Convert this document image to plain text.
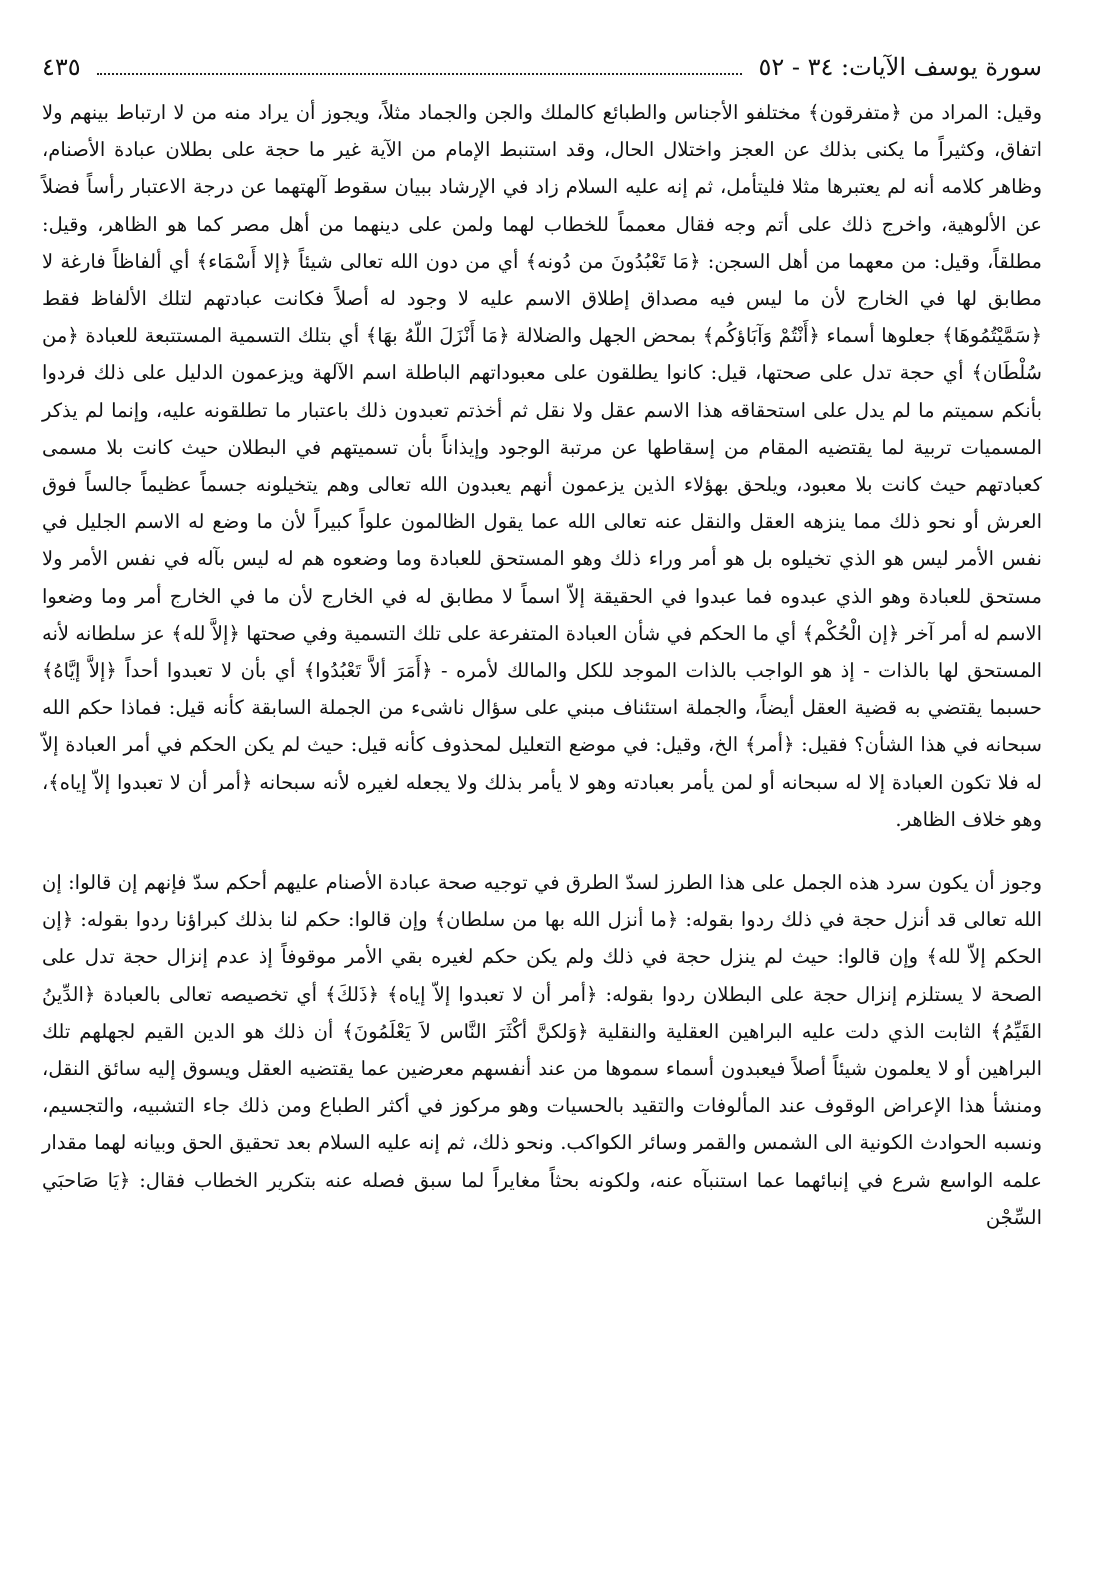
سورة يوسف الآيات: ٣٤ - ٥٢
٤٣٥

وقيل: المراد من ﴿متفرقون﴾ مختلفو الأجناس والطبائع كالملك والجن والجماد مثلاً، ويجوز أن يراد منه من لا ارتباط بينهم ولا اتفاق، وكثيراً ما يكنى بذلك عن العجز واختلال الحال، وقد استنبط الإمام من الآية غير ما حجة على بطلان عبادة الأصنام، وظاهر كلامه أنه لم يعتبرها مثلا فليتأمل، ثم إنه عليه السلام زاد في الإرشاد ببيان سقوط آلهتهما عن درجة الاعتبار رأساً فضلاً عن الألوهية، واخرج ذلك على أتم وجه فقال معمماً للخطاب لهما ولمن على دينهما من أهل مصر كما هو الظاهر، وقيل: مطلقاً، وقيل: من معهما من أهل السجن: ﴿مَا تَعْبُدُونَ من دُونه﴾ أي من دون الله تعالى شيئاً ﴿إلا أَسْمَاء﴾ أي ألفاظاً فارغة لا مطابق لها في الخارج لأن ما ليس فيه مصداق إطلاق الاسم عليه لا وجود له أصلاً فكانت عبادتهم لتلك الألفاظ فقط ﴿سَمَّيْتُمُوهَا﴾ جعلوها أسماء ﴿أَنْتُمْ وَآبَاؤكُم﴾ بمحض الجهل والضلالة ﴿مَا أَنْزَلَ اللّهُ بهَا﴾ أي بتلك التسمية المستتبعة للعبادة ﴿من سُلْطَان﴾ أي حجة تدل على صحتها، قيل: كانوا يطلقون على معبوداتهم الباطلة اسم الآلهة ويزعمون الدليل على ذلك فردوا بأنكم سميتم ما لم يدل على استحقاقه هذا الاسم عقل ولا نقل ثم أخذتم تعبدون ذلك باعتبار ما تطلقونه عليه، وإنما لم يذكر المسميات تربية لما يقتضيه المقام من إسقاطها عن مرتبة الوجود وإيذاناً بأن تسميتهم في البطلان حيث كانت بلا مسمى كعبادتهم حيث كانت بلا معبود، ويلحق بهؤلاء الذين يزعمون أنهم يعبدون الله تعالى وهم يتخيلونه جسماً عظيماً جالساً فوق العرش أو نحو ذلك مما ينزهه العقل والنقل عنه تعالى الله عما يقول الظالمون علواً كبيراً لأن ما وضع له الاسم الجليل في نفس الأمر ليس هو الذي تخيلوه بل هو أمر وراء ذلك وهو المستحق للعبادة وما وضعوه هم له ليس بآله في نفس الأمر ولا مستحق للعبادة وهو الذي عبدوه فما عبدوا في الحقيقة إلاّ اسماً لا مطابق له في الخارج لأن ما في الخارج أمر وما وضعوا الاسم له أمر آخر ﴿إن الْحُكْم﴾ أي ما الحكم في شأن العبادة المتفرعة على تلك التسمية وفي صحتها ﴿إلاَّ لله﴾ عز سلطانه لأنه المستحق لها بالذات - إذ هو الواجب بالذات الموجد للكل والمالك لأمره - ﴿أَمَرَ ألاَّ تَعْبُدُوا﴾ أي بأن لا تعبدوا أحداً ﴿إلاَّ إيَّاهُ﴾ حسبما يقتضي به قضية العقل أيضاً، والجملة استئناف مبني على سؤال ناشىء من الجملة السابقة كأنه قيل: فماذا حكم الله سبحانه في هذا الشأن؟ فقيل: ﴿أمر﴾ الخ، وقيل: في موضع التعليل لمحذوف كأنه قيل: حيث لم يكن الحكم في أمر العبادة إلاّ له فلا تكون العبادة إلا له سبحانه أو لمن يأمر بعبادته وهو لا يأمر بذلك ولا يجعله لغيره لأنه سبحانه ﴿أمر أن لا تعبدوا إلاّ إياه﴾، وهو خلاف الظاهر.

وجوز أن يكون سرد هذه الجمل على هذا الطرز لسدّ الطرق في توجيه صحة عبادة الأصنام عليهم أحكم سدّ فإنهم إن قالوا: إن الله تعالى قد أنزل حجة في ذلك ردوا بقوله: ﴿ما أنزل الله بها من سلطان﴾ وإن قالوا: حكم لنا بذلك كبراؤنا ردوا بقوله: ﴿إن الحكم إلاّ لله﴾ وإن قالوا: حيث لم ينزل حجة في ذلك ولم يكن حكم لغيره بقي الأمر موقوفاً إذ عدم إنزال حجة تدل على الصحة لا يستلزم إنزال حجة على البطلان ردوا بقوله: ﴿أمر أن لا تعبدوا إلاّ إياه﴾ ﴿ذَلكَ﴾ أي تخصيصه تعالى بالعبادة ﴿الدِّينُ القَيِّمُ﴾ الثابت الذي دلت عليه البراهين العقلية والنقلية ﴿وَلكنَّ أكْثَرَ النَّاس لاَ يَعْلَمُونَ﴾ أن ذلك هو الدين القيم لجهلهم تلك البراهين أو لا يعلمون شيئاً أصلاً فيعبدون أسماء سموها من عند أنفسهم معرضين عما يقتضيه العقل ويسوق إليه سائق النقل، ومنشأ هذا الإعراض الوقوف عند المألوفات والتقيد بالحسيات وهو مركوز في أكثر الطباع ومن ذلك جاء التشبيه، والتجسيم، ونسبه الحوادث الكونية الى الشمس والقمر وسائر الكواكب. ونحو ذلك، ثم إنه عليه السلام بعد تحقيق الحق وبيانه لهما مقدار علمه الواسع شرع في إنبائهما عما استنبآه عنه، ولكونه بحثاً مغايراً لما سبق فصله عنه بتكرير الخطاب فقال: ﴿يَا صَاحبَي السِّجْن
